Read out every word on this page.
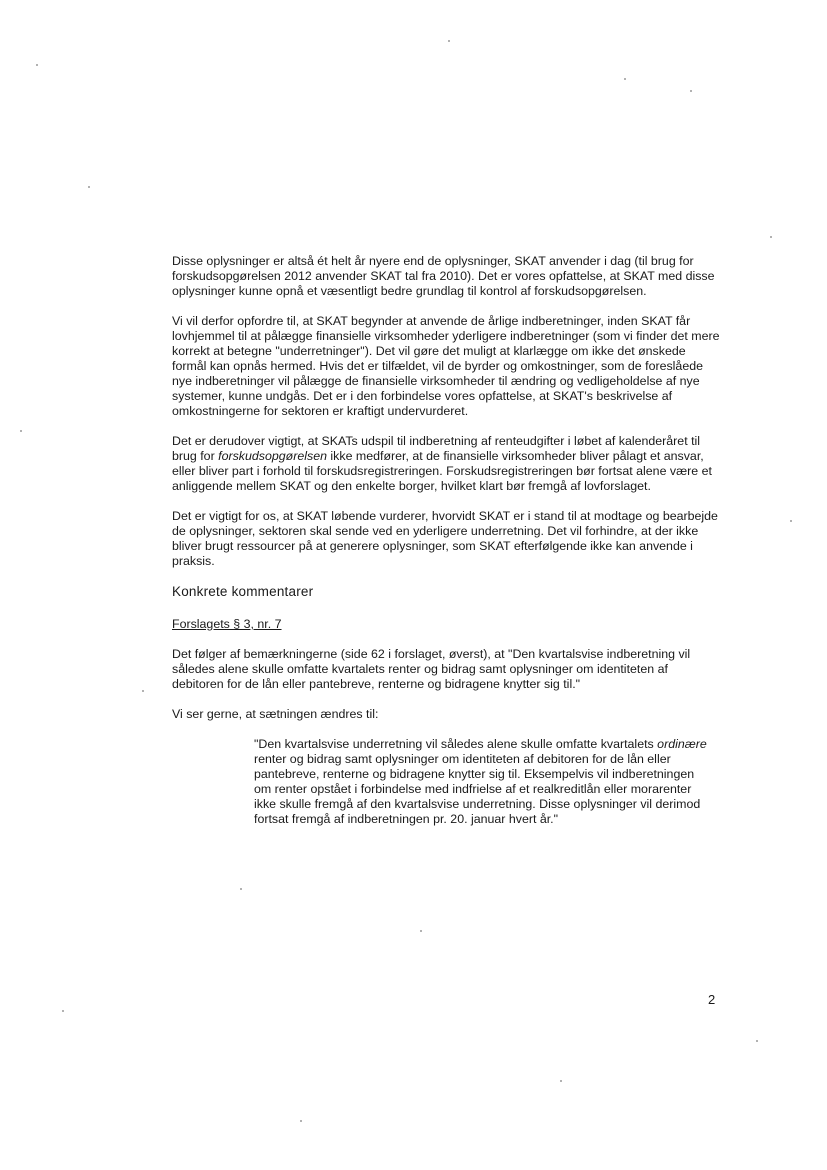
Disse oplysninger er altså ét helt år nyere end de oplysninger, SKAT anvender i dag (til brug for forskudsopgørelsen 2012 anvender SKAT tal fra 2010). Det er vores opfattelse, at SKAT med disse oplysninger kunne opnå et væsentligt bedre grundlag til kontrol af forskudsopgørelsen.

Vi vil derfor opfordre til, at SKAT begynder at anvende de årlige indberetninger, inden SKAT får lovhjemmel til at pålægge finansielle virksomheder yderligere indberetninger (som vi finder det mere korrekt at betegne "underretninger"). Det vil gøre det muligt at klarlægge om ikke det ønskede formål kan opnås hermed. Hvis det er tilfældet, vil de byrder og omkostninger, som de foreslåede nye indberetninger vil pålægge de finansielle virksomheder til ændring og vedligeholdelse af nye systemer, kunne undgås. Det er i den forbindelse vores opfattelse, at SKAT's beskrivelse af omkostningerne for sektoren er kraftigt undervurderet.

Det er derudover vigtigt, at SKATs udspil til indberetning af renteudgifter i løbet af kalenderåret til brug for forskudsopgørelsen ikke medfører, at de finansielle virksomheder bliver pålagt et ansvar, eller bliver part i forhold til forskudsregistreringen. Forskudsregistreringen bør fortsat alene være et anliggende mellem SKAT og den enkelte borger, hvilket klart bør fremgå af lovforslaget.

Det er vigtigt for os, at SKAT løbende vurderer, hvorvidt SKAT er i stand til at modtage og bearbejde de oplysninger, sektoren skal sende ved en yderligere underretning. Det vil forhindre, at der ikke bliver brugt ressourcer på at generere oplysninger, som SKAT efterfølgende ikke kan anvende i praksis.

Konkrete kommentarer

Forslagets § 3, nr. 7

Det følger af bemærkningerne (side 62 i forslaget, øverst), at "Den kvartalsvise indberetning vil således alene skulle omfatte kvartalets renter og bidrag samt oplysninger om identiteten af debitoren for de lån eller pantebreve, renterne og bidragene knytter sig til."

Vi ser gerne, at sætningen ændres til:

"Den kvartalsvise underretning vil således alene skulle omfatte kvartalets ordinære renter og bidrag samt oplysninger om identiteten af debitoren for de lån eller pantebreve, renterne og bidragene knytter sig til. Eksempelvis vil indberetningen om renter opstået i forbindelse med indfrielse af et realkreditlån eller morarenter ikke skulle fremgå af den kvartalsvise underretning. Disse oplysninger vil derimod fortsat fremgå af indberetningen pr. 20. januar hvert år."

2
